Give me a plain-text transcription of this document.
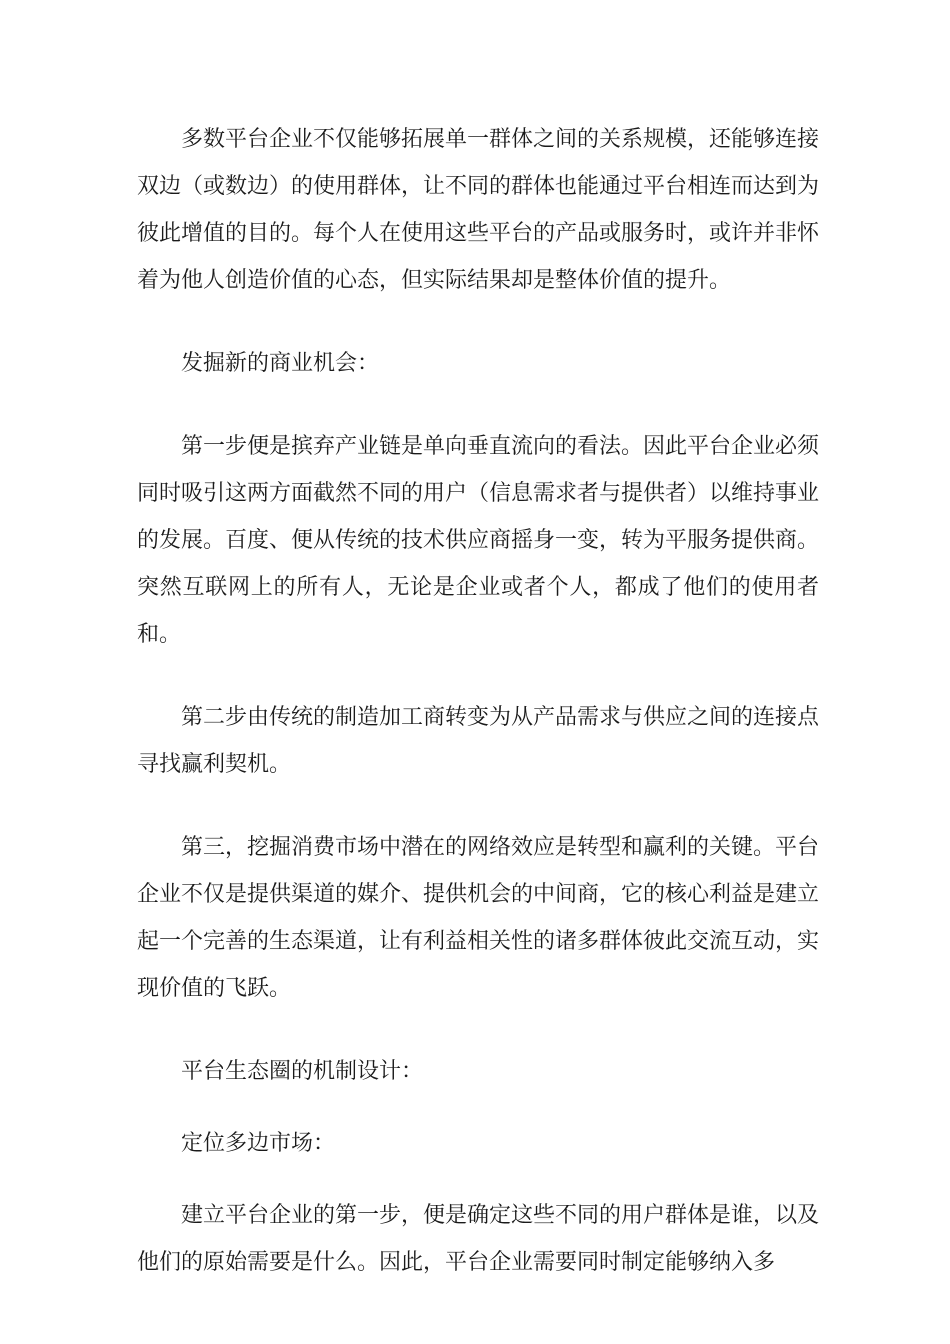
多数平台企业不仅能够拓展单一群体之间的关系规模，还能够连接双边（或数边）的使用群体，让不同的群体也能通过平台相连而达到为彼此增值的目的。每个人在使用这些平台的产品或服务时，或许并非怀着为他人创造价值的心态，但实际结果却是整体价值的提升。

发掘新的商业机会：

第一步便是摈弃产业链是单向垂直流向的看法。因此平台企业必须同时吸引这两方面截然不同的用户（信息需求者与提供者）以维持事业的发展。百度、便从传统的技术供应商摇身一变，转为平服务提供商。突然互联网上的所有人，无论是企业或者个人，都成了他们的使用者和。

第二步由传统的制造加工商转变为从产品需求与供应之间的连接点寻找赢利契机。

第三，挖掘消费市场中潜在的网络效应是转型和赢利的关键。平台企业不仅是提供渠道的媒介、提供机会的中间商，它的核心利益是建立起一个完善的生态渠道，让有利益相关性的诸多群体彼此交流互动，实现价值的飞跃。

平台生态圈的机制设计：

定位多边市场：

建立平台企业的第一步，便是确定这些不同的用户群体是谁，以及他们的原始需要是什么。因此，平台企业需要同时制定能够纳入多
